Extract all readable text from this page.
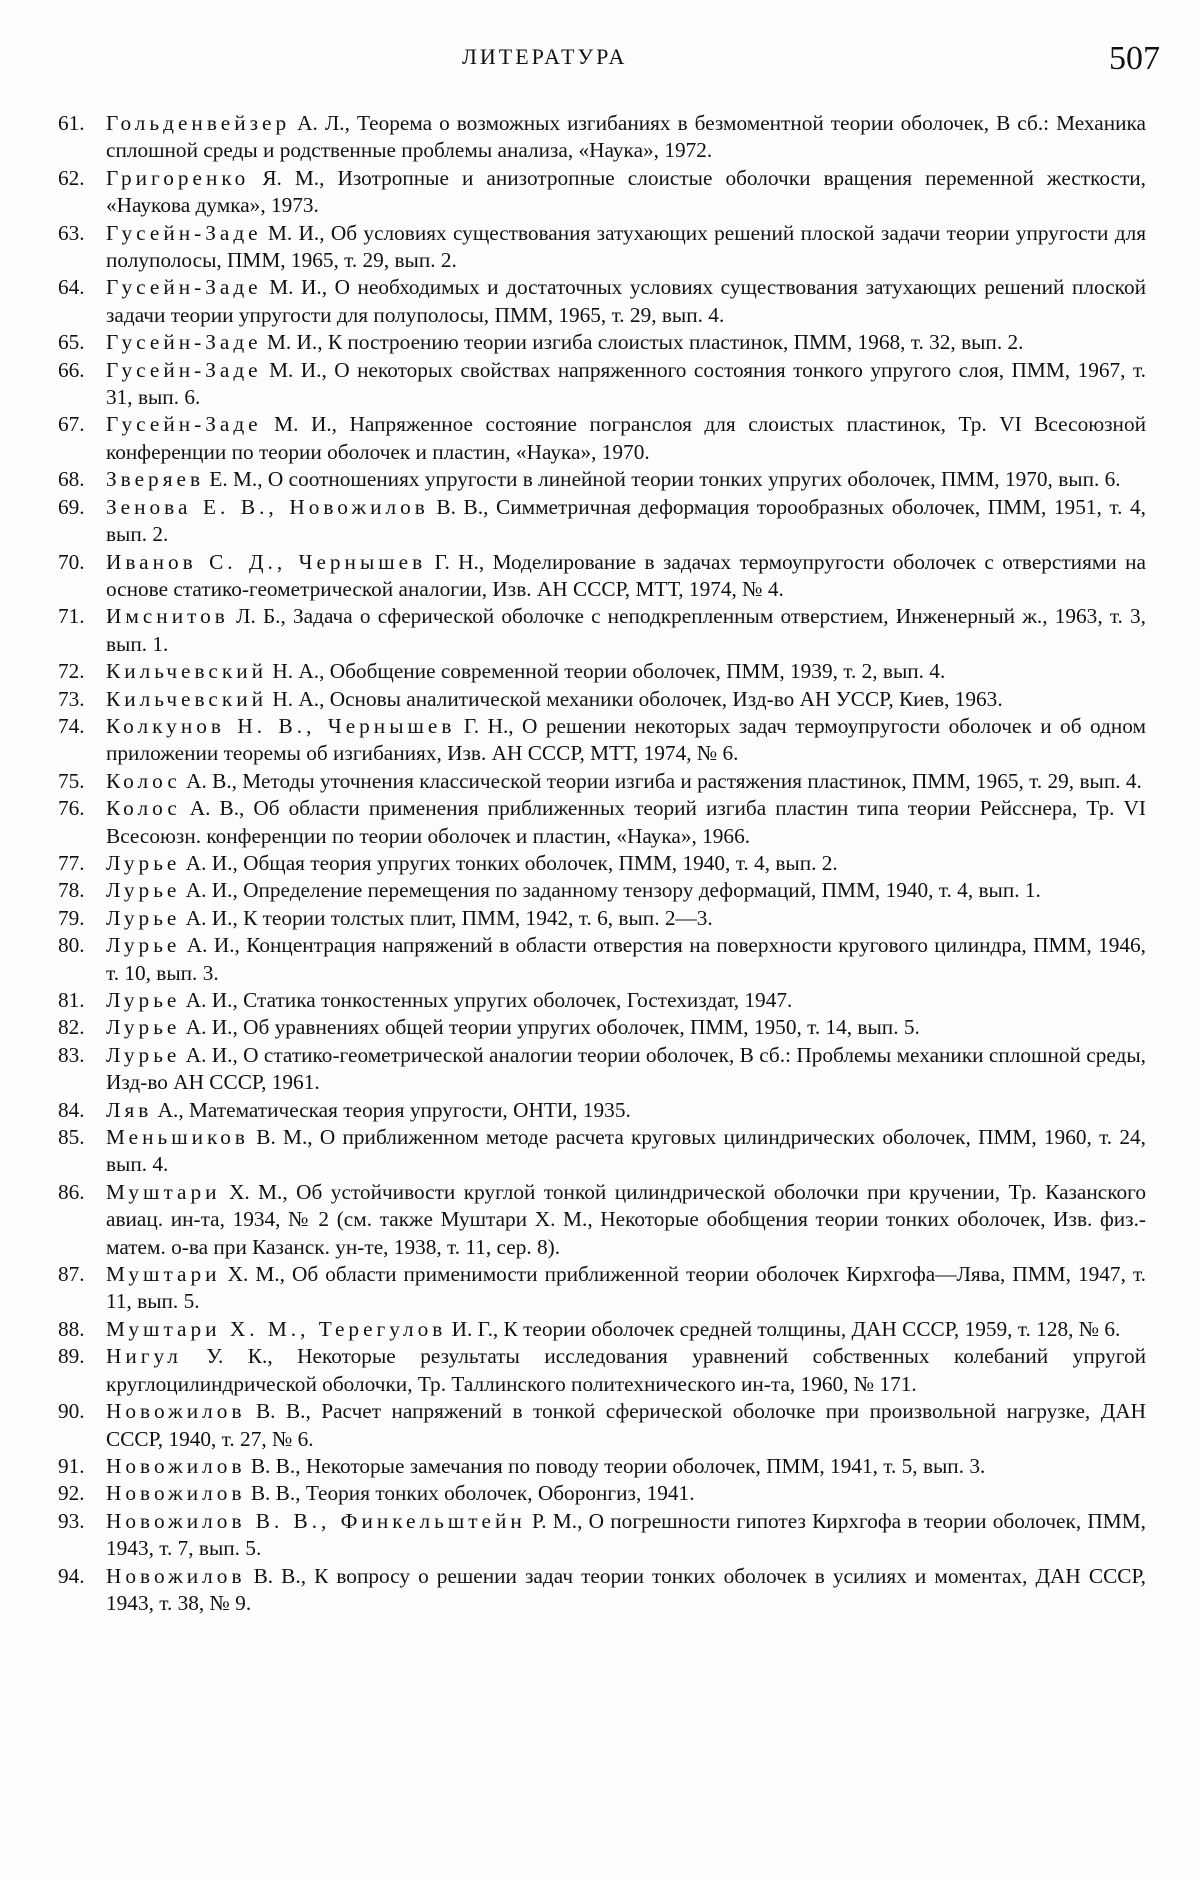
ЛИТЕРАТУРА	507
61.	Гольденвейзер А. Л., Теорема о возможных изгибаниях в безмоментной теории оболочек, В сб.: Механика сплошной среды и родственные проблемы анализа, «Наука», 1972.
62.	Григоренко Я. М., Изотропные и анизотропные слоистые оболочки вращения переменной жесткости, «Наукова думка», 1973.
63.	Гусейн-Заде М. И., Об условиях существования затухающих решений плоской задачи теории упругости для полуполосы, ПММ, 1965, т. 29, вып. 2.
64.	Гусейн-Заде М. И., О необходимых и достаточных условиях существования затухающих решений плоской задачи теории упругости для полуполосы, ПММ, 1965, т. 29, вып. 4.
65.	Гусейн-Заде М. И., К построению теории изгиба слоистых пластинок, ПММ, 1968, т. 32, вып. 2.
66.	Гусейн-Заде М. И., О некоторых свойствах напряженного состояния тонкого упругого слоя, ПММ, 1967, т. 31, вып. 6.
67.	Гусейн-Заде М. И., Напряженное состояние погранслоя для слоистых пластинок, Тр. VI Всесоюзной конференции по теории оболочек и пластин, «Наука», 1970.
68.	Зверяев Е. М., О соотношениях упругости в линейной теории тонких упругих оболочек, ПММ, 1970, вып. 6.
69.	Зенова Е. В., Новожилов В. В., Симметричная деформация торообразных оболочек, ПММ, 1951, т. 4, вып. 2.
70.	Иванов С. Д., Чернышев Г. Н., Моделирование в задачах термоупругости оболочек с отверстиями на основе статико-геометрической аналогии, Изв. АН СССР, МТТ, 1974, № 4.
71.	Имснитов Л. Б., Задача о сферической оболочке с неподкрепленным отверстием, Инженерный ж., 1963, т. 3, вып. 1.
72.	Кильчевский Н. А., Обобщение современной теории оболочек, ПММ, 1939, т. 2, вып. 4.
73.	Кильчевский Н. А., Основы аналитической механики оболочек, Изд-во АН УССР, Киев, 1963.
74.	Колкунов Н. В., Чернышев Г. Н., О решении некоторых задач термоупругости оболочек и об одном приложении теоремы об изгибаниях, Изв. АН СССР, МТТ, 1974, № 6.
75.	Колос А. В., Методы уточнения классической теории изгиба и растяжения пластинок, ПММ, 1965, т. 29, вып. 4.
76.	Колос А. В., Об области применения приближенных теорий изгиба пластин типа теории Рейсснера, Тр. VI Всесоюзн. конференции по теории оболочек и пластин, «Наука», 1966.
77.	Лурье А. И., Общая теория упругих тонких оболочек, ПММ, 1940, т. 4, вып. 2.
78.	Лурье А. И., Определение перемещения по заданному тензору деформаций, ПММ, 1940, т. 4, вып. 1.
79.	Лурье А. И., К теории толстых плит, ПММ, 1942, т. 6, вып. 2—3.
80.	Лурье А. И., Концентрация напряжений в области отверстия на поверхности кругового цилиндра, ПММ, 1946, т. 10, вып. 3.
81.	Лурье А. И., Статика тонкостенных упругих оболочек, Гостехиздат, 1947.
82.	Лурье А. И., Об уравнениях общей теории упругих оболочек, ПММ, 1950, т. 14, вып. 5.
83.	Лурье А. И., О статико-геометрической аналогии теории оболочек, В сб.: Проблемы механики сплошной среды, Изд-во АН СССР, 1961.
84.	Ляв А., Математическая теория упругости, ОНТИ, 1935.
85.	Меньшиков В. М., О приближенном методе расчета круговых цилиндрических оболочек, ПММ, 1960, т. 24, вып. 4.
86.	Муштари Х. М., Об устойчивости круглой тонкой цилиндрической оболочки при кручении, Тр. Казанского авиац. ин-та, 1934, № 2 (см. также Муштари Х. М., Некоторые обобщения теории тонких оболочек, Изв. физ.-матем. о-ва при Казанск. ун-те, 1938, т. 11, сер. 8).
87.	Муштари Х. М., Об области применимости приближенной теории оболочек Кирхгофа—Лява, ПММ, 1947, т. 11, вып. 5.
88.	Муштари Х. М., Терегулов И. Г., К теории оболочек средней толщины, ДАН СССР, 1959, т. 128, № 6.
89.	Нигул У. К., Некоторые результаты исследования уравнений собственных колебаний упругой круглоцилиндрической оболочки, Тр. Таллинского политехнического ин-та, 1960, № 171.
90.	Новожилов В. В., Расчет напряжений в тонкой сферической оболочке при произвольной нагрузке, ДАН СССР, 1940, т. 27, № 6.
91.	Новожилов В. В., Некоторые замечания по поводу теории оболочек, ПММ, 1941, т. 5, вып. 3.
92.	Новожилов В. В., Теория тонких оболочек, Оборонгиз, 1941.
93.	Новожилов В. В., Финкельштейн Р. М., О погрешности гипотез Кирхгофа в теории оболочек, ПММ, 1943, т. 7, вып. 5.
94.	Новожилов В. В., К вопросу о решении задач теории тонких оболочек в усилиях и моментах, ДАН СССР, 1943, т. 38, № 9.
